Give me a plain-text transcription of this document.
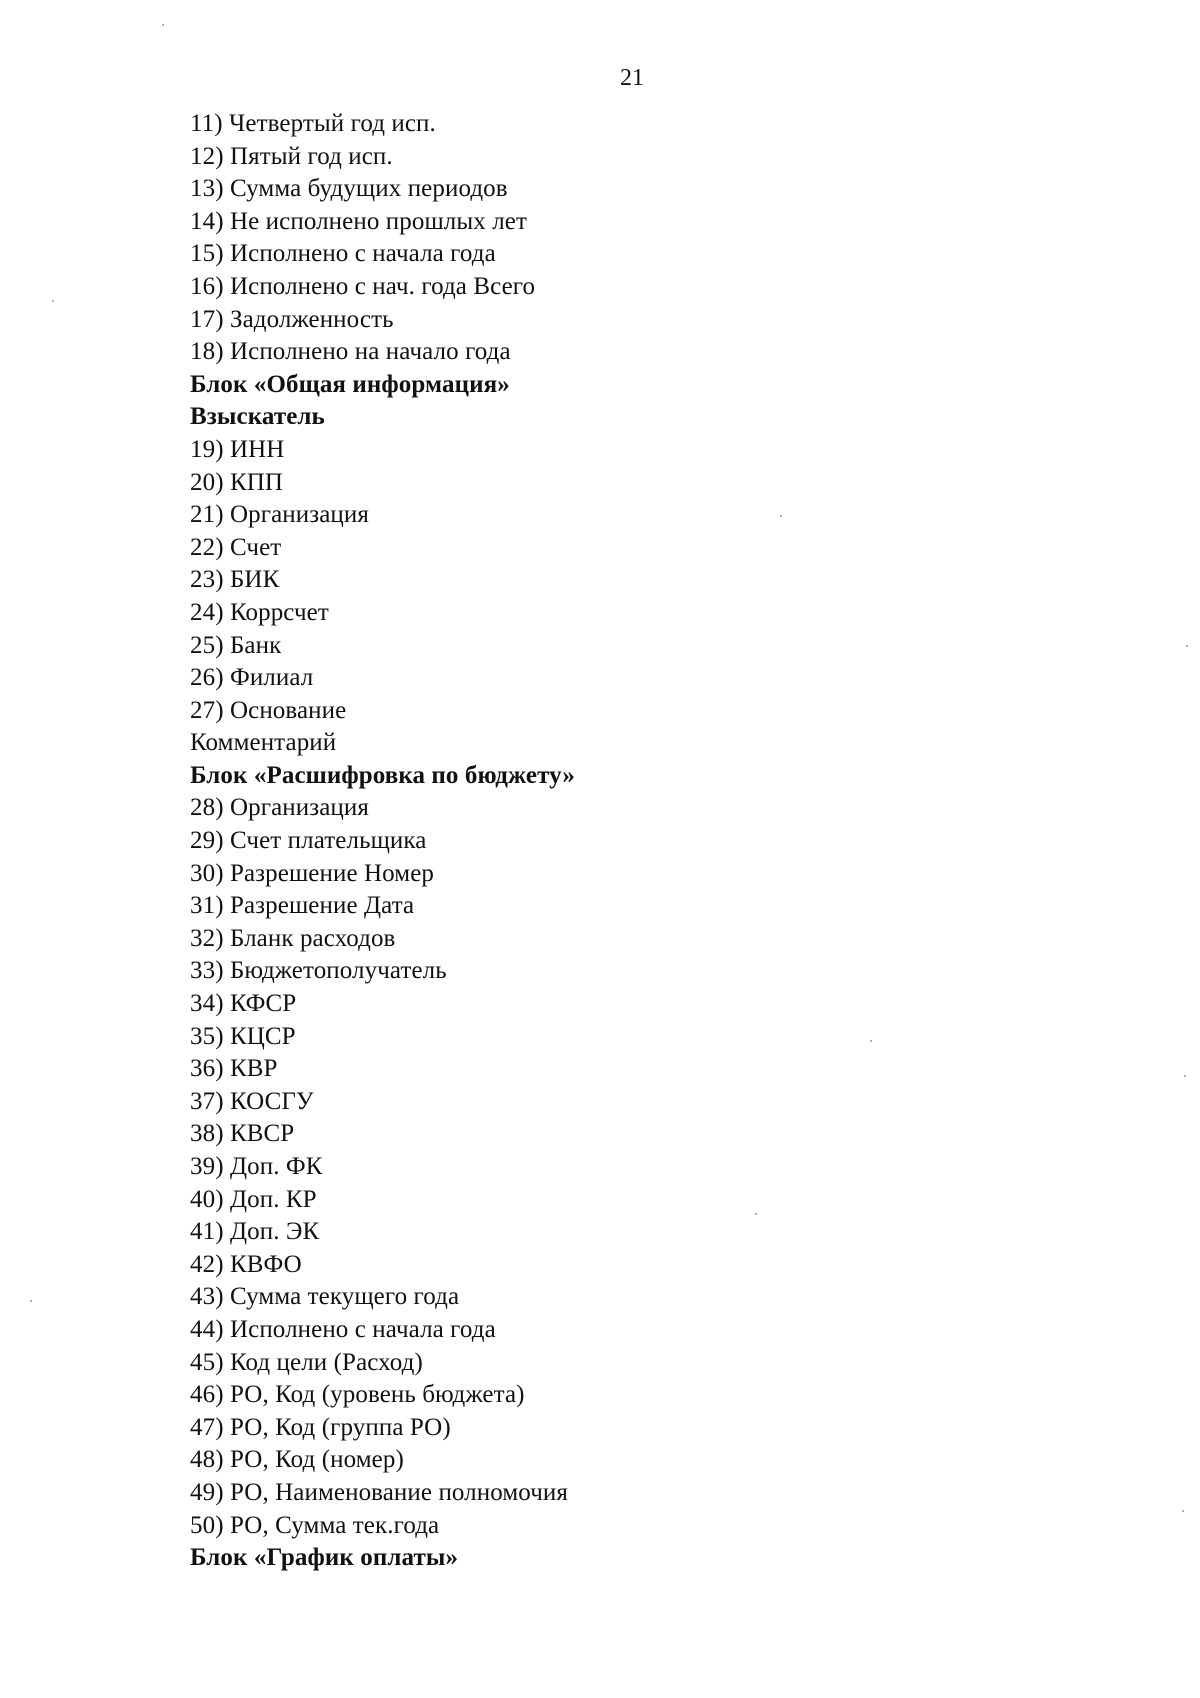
21
11) Четвертый год исп.
12) Пятый год исп.
13) Сумма будущих периодов
14) Не исполнено прошлых лет
15) Исполнено с начала года
16) Исполнено с нач. года Всего
17) Задолженность
18) Исполнено на начало года
Блок «Общая информация»
Взыскатель
19) ИНН
20) КПП
21) Организация
22) Счет
23) БИК
24) Коррсчет
25) Банк
26) Филиал
27) Основание
Комментарий
Блок «Расшифровка по бюджету»
28) Организация
29) Счет плательщика
30) Разрешение Номер
31) Разрешение Дата
32) Бланк расходов
33) Бюджетополучатель
34) КФСР
35) КЦСР
36) КВР
37) КОСГУ
38) КВСР
39) Доп. ФК
40) Доп. КР
41) Доп. ЭК
42) КВФО
43) Сумма текущего года
44) Исполнено с начала года
45) Код цели (Расход)
46) РО, Код (уровень бюджета)
47) РО, Код (группа РО)
48) РО, Код (номер)
49) РО, Наименование полномочия
50) РО, Сумма тек.года
Блок «График оплаты»
